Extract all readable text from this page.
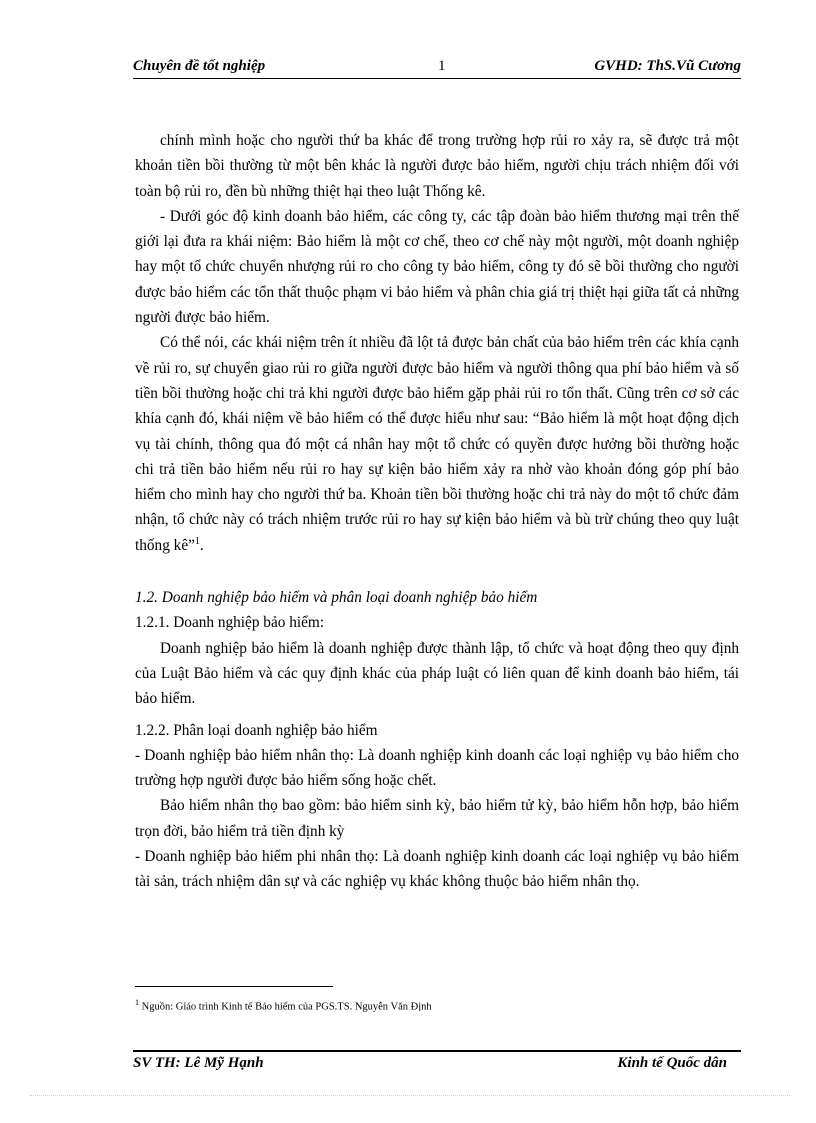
Chuyên đề tốt nghiệp	1	GVHD: ThS.Vũ Cương

chính mình hoặc cho người thứ ba khác để trong trường hợp rủi ro xảy ra, sẽ được trả một khoản tiền bồi thường từ một bên khác là người được bảo hiểm, người chịu trách nhiệm đối với toàn bộ rủi ro, đền bù những thiệt hại theo luật Thống kê.

- Dưới góc độ kinh doanh bảo hiểm, các công ty, các tập đoàn bảo hiểm thương mại trên thế giới lại đưa ra khái niệm: Bảo hiểm là một cơ chế, theo cơ chế này một người, một doanh nghiệp hay một tổ chức chuyển nhượng rủi ro cho công ty bảo hiểm, công ty đó sẽ bồi thường cho người được bảo hiểm các tổn thất thuộc phạm vi bảo hiểm và phân chia giá trị thiệt hại giữa tất cả những người được bảo hiểm.

Có thể nói, các khái niệm trên ít nhiều đã lột tả được bản chất của bảo hiểm trên các khía cạnh về rủi ro, sự chuyển giao rủi ro giữa người được bảo hiểm và người thông qua phí bảo hiểm và số tiền bồi thường hoặc chi trả khi người được bảo hiểm gặp phải rủi ro tổn thất. Cũng trên cơ sở các khía cạnh đó, khái niệm về bảo hiểm có thể được hiểu như sau: “Bảo hiểm là một hoạt động dịch vụ tài chính, thông qua đó một cá nhân hay một tổ chức có quyền được hưởng bồi thường hoặc chi trả tiền bảo hiểm nếu rủi ro hay sự kiện bảo hiểm xảy ra nhờ vào khoản đóng góp phí bảo hiểm cho mình hay cho người thứ ba. Khoản tiền bồi thường hoặc chi trả này do một tổ chức đảm nhận, tổ chức này có trách nhiệm trước rủi ro hay sự kiện bảo hiểm và bù trừ chúng theo quy luật thống kê”$^1$.

1.2. Doanh nghiệp bảo hiểm và phân loại doanh nghiệp bảo hiểm

1.2.1. Doanh nghiệp bảo hiểm:

Doanh nghiệp bảo hiểm là doanh nghiệp được thành lập, tổ chức và hoạt động theo quy định của Luật Bảo hiểm và các quy định khác của pháp luật có liên quan để kinh doanh bảo hiểm, tái bảo hiểm.

1.2.2. Phân loại doanh nghiệp bảo hiểm

- Doanh nghiệp bảo hiểm nhân thọ: Là doanh nghiệp kinh doanh các loại nghiệp vụ bảo hiểm cho trường hợp người được bảo hiểm sống hoặc chết.

Bảo hiểm nhân thọ bao gồm: bảo hiểm sinh kỳ, bảo hiểm tử kỳ, bảo hiểm hỗn hợp, bảo hiểm trọn đời, bảo hiểm trả tiền định kỳ

- Doanh nghiệp bảo hiểm phi nhân thọ: Là doanh nghiệp kinh doanh các loại nghiệp vụ bảo hiểm tài sản, trách nhiệm dân sự và các nghiệp vụ khác không thuộc bảo hiểm nhân thọ.

$^1$ Nguồn: Giáo trình Kinh tế Bảo hiểm của PGS.TS. Nguyễn Văn Định
SV TH: Lê Mỹ Hạnh	Kinh tế Quốc dân
